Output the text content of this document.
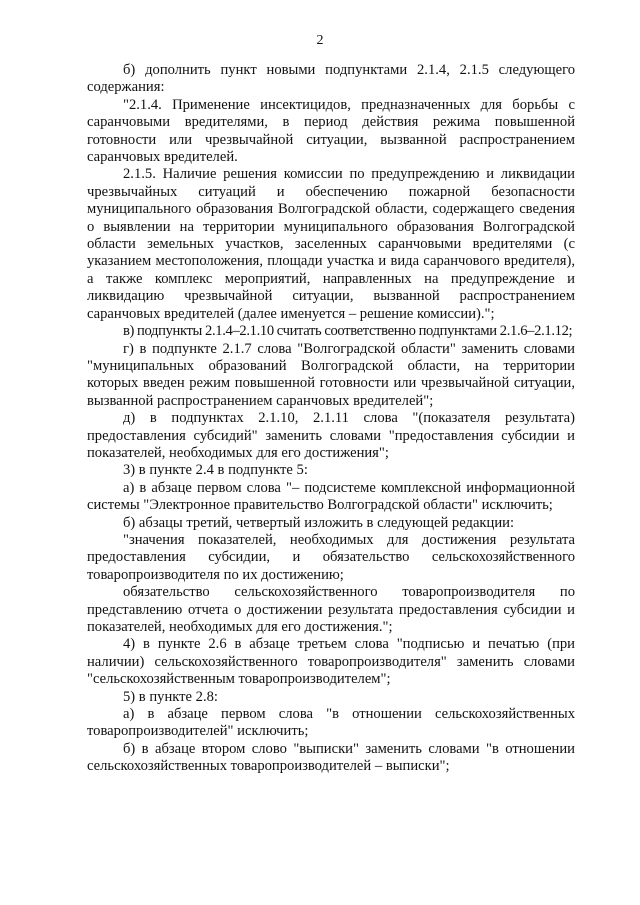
2

б) дополнить пункт новыми подпунктами 2.1.4, 2.1.5 следующего содержания:

"2.1.4. Применение инсектицидов, предназначенных для борьбы с саранчовыми вредителями, в период действия режима повышенной готовности или чрезвычайной ситуации, вызванной распространением саранчовых вредителей.

2.1.5. Наличие решения комиссии по предупреждению и ликвидации чрезвычайных ситуаций и обеспечению пожарной безопасности муниципального образования Волгоградской области, содержащего сведения о выявлении на территории муниципального образования Волгоградской области земельных участков, заселенных саранчовыми вредителями (с указанием местоположения, площади участка и вида саранчового вредителя), а также комплекс мероприятий, направленных на предупреждение и ликвидацию чрезвычайной ситуации, вызванной распространением саранчовых вредителей (далее именуется – решение комиссии).";

в) подпункты 2.1.4–2.1.10 считать соответственно подпунктами 2.1.6–2.1.12;

г) в подпункте 2.1.7 слова "Волгоградской области" заменить словами "муниципальных образований Волгоградской области, на территории которых введен режим повышенной готовности или чрезвычайной ситуации, вызванной распространением саранчовых вредителей";

д) в подпунктах 2.1.10, 2.1.11 слова "(показателя результата) предоставления субсидий" заменить словами "предоставления субсидии и показателей, необходимых для его достижения";

3) в пункте 2.4 в подпункте 5:

а) в абзаце первом слова "– подсистеме комплексной информационной системы "Электронное правительство Волгоградской области" исключить;

б) абзацы третий, четвертый изложить в следующей редакции:

"значения показателей, необходимых для достижения результата предоставления субсидии, и обязательство сельскохозяйственного товаропроизводителя по их достижению;

обязательство сельскохозяйственного товаропроизводителя по представлению отчета о достижении результата предоставления субсидии и показателей, необходимых для его достижения.";

4) в пункте 2.6 в абзаце третьем слова "подписью и печатью (при наличии) сельскохозяйственного товаропроизводителя" заменить словами "сельскохозяйственным товаропроизводителем";

5) в пункте 2.8:

а) в абзаце первом слова "в отношении сельскохозяйственных товаропроизводителей" исключить;

б) в абзаце втором слово "выписки" заменить словами "в отношении сельскохозяйственных товаропроизводителей – выписки";
